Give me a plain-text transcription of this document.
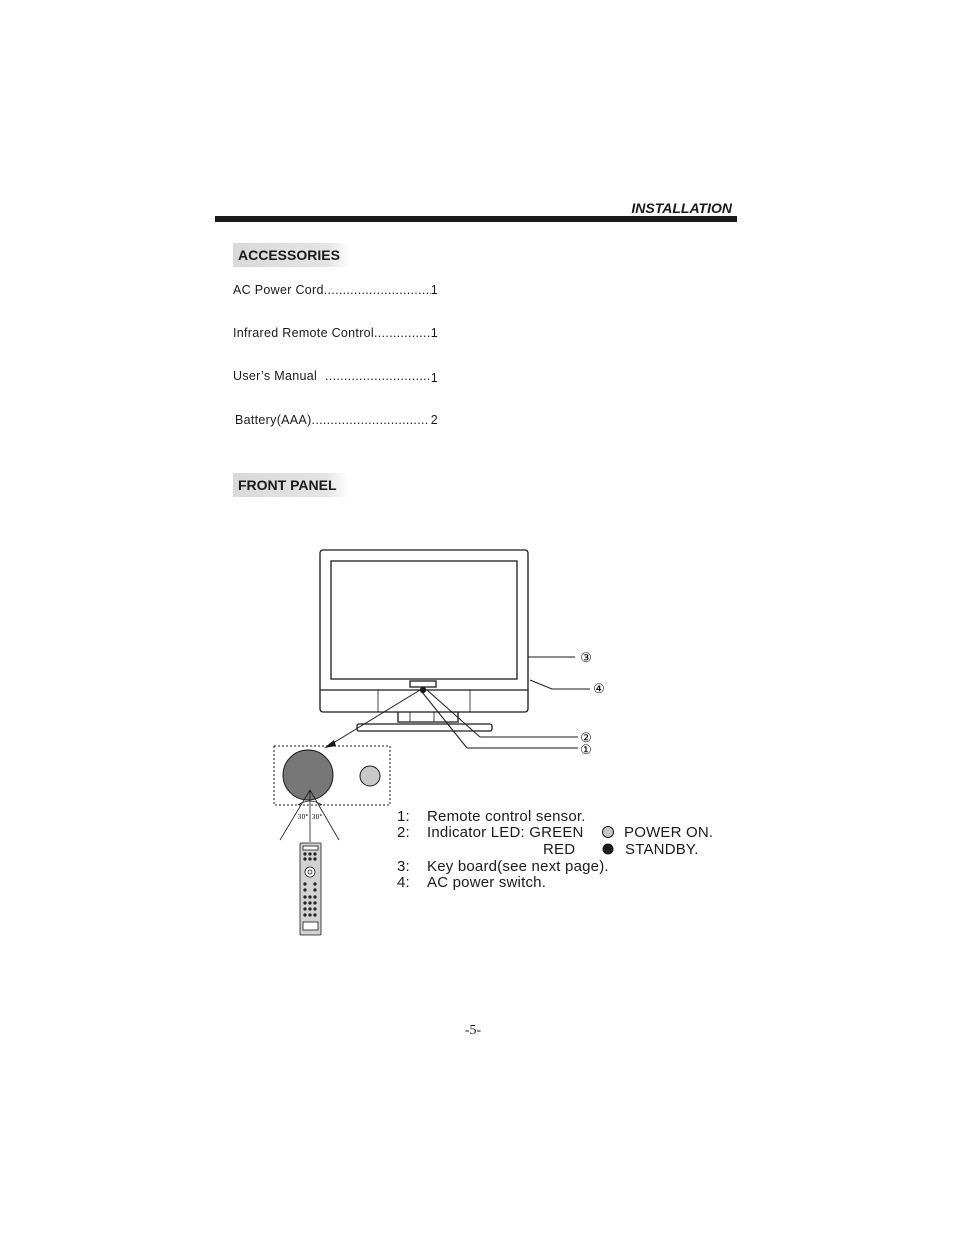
INSTALLATION
ACCESSORIES
AC Power Cord .....	1
Infrared Remote Control .....	1
User’s Manual .....	1
Battery(AAA) .....	2
FRONT PANEL
③
④
②
①
30° 30°	1: Remote control sensor.
2: Indicator LED: GREEN	POWER ON.
RED	STANDBY.
3: Key board(see next page).
4: AC power switch.
-5-
